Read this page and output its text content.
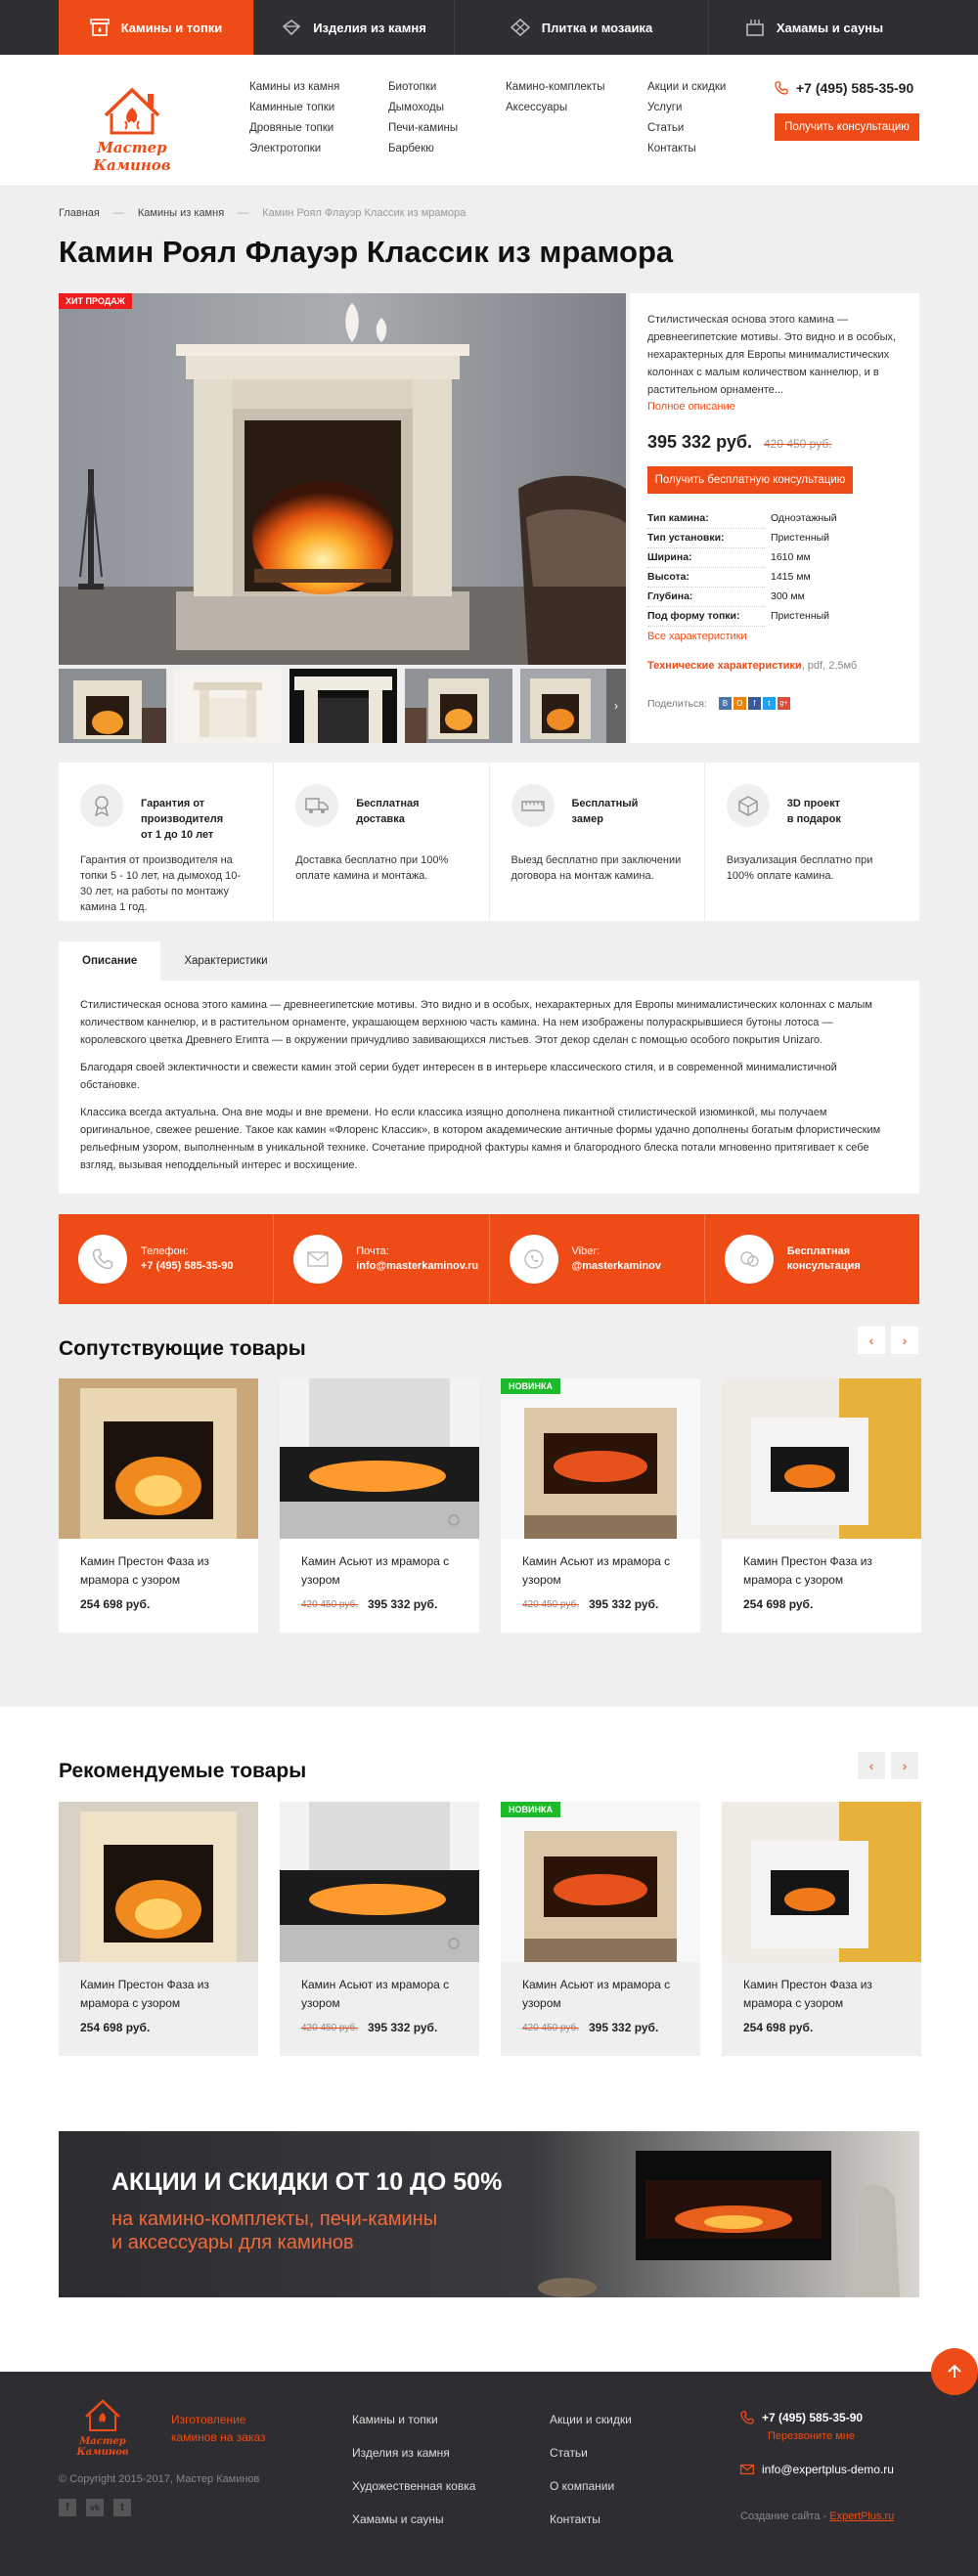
Камины и топки	Изделия из камня	Плитка и мозаика	Хамамы и сауны
Мастер Каминов
Камины из камня
Каминные топки
Дровяные топки
Электротопки
Биотопки
Дымоходы
Печи-камины
Барбекю
Камино-комплекты
Аксессуары
Акции и скидки
Услуги
Статьи
Контакты
+7 (495) 585-35-90
Получить консультацию
Главная — Камины из камня — Камин Роял Флауэр Классик из мрамора
Камин Роял Флауэр Классик из мрамора
ХИТ ПРОДАЖ
›
Стилистическая основа этого камина — древнеегипетские мотивы. Это видно и в особых, нехарактерных для Европы минималистических колоннах с малым количеством каннелюр, и в растительном орнаменте...
Полное описание
395 332 руб. 420 450 руб.
Получить бесплатную консультацию
Тип камина:	Одноэтажный
Тип установки:	Пристенный
Ширина:	1610 мм
Высота:	1415 мм
Глубина:	300 мм
Под форму топки:	Пристенный
Все характеристики
Технические характеристики, pdf, 2,5мб
Поделиться:	В	О	f	t	g+
Гарантия от производителя
от 1 до 10 лет
Гарантия от производителя на топки 5 - 10 лет, на дымоход 10-30 лет, на работы по монтажу камина 1 год.
Бесплатная
доставка
Доставка бесплатно при 100% оплате камина и монтажа.
Бесплатный
замер
Выезд бесплатно при заключении договора на монтаж камина.
3D проект
в подарок
Визуализация бесплатно при 100% оплате камина.
Описание	Характеристики

Стилистическая основа этого камина — древнеегипетские мотивы. Это видно и в особых, нехарактерных для Европы минималистических колоннах с малым количеством каннелюр, и в растительном орнаменте, украшающем верхнюю часть камина. На нем изображены полураскрывшиеся бутоны лотоса — королевского цветка Древнего Египта — в окружении причудливо завивающихся листьев. Этот декор сделан с помощью особого покрытия Unizaro.

Благодаря своей эклектичности и свежести камин этой серии будет интересен в в интерьере классического стиля, и в современной минималистичной обстановке.

Классика всегда актуальна. Она вне моды и вне времени. Но если классика изящно дополнена пикантной стилистической изюминкой, мы получаем оригинальное, свежее решение. Такое как камин «Флоренс Классик», в котором академические античные формы удачно дополнены богатым флористическим рельефным узором, выполненным в уникальной технике. Сочетание природной фактуры камня и благородного блеска потали мгновенно притягивает к себе взгляд, вызывая неподдельный интерес и восхищение.

Телефон:
+7 (495) 585-35-90
Почта:
info@masterkaminov.ru
Viber:
@masterkaminov
Бесплатная
консультация
Сопутствующие товары	‹	›
Камин Престон Фаза из мрамора с узором
254 698 руб.
Камин Асьют из мрамора с узором
420 450 руб. 395 332 руб.
НОВИНКА
Камин Асьют из мрамора с узором
420 450 руб. 395 332 руб.
Камин Престон Фаза из мрамора с узором
254 698 руб.
Рекомендуемые товары	‹	›
Камин Престон Фаза из мрамора с узором
254 698 руб.
Камин Асьют из мрамора с узором
420 450 руб. 395 332 руб.
НОВИНКА
Камин Асьют из мрамора с узором
420 450 руб. 395 332 руб.
Камин Престон Фаза из мрамора с узором
254 698 руб.
АКЦИИ И СКИДКИ ОТ 10 ДО 50%
на камино-комплекты, печи-камины
и аксессуары для каминов
Мастер Каминов
Изготовление каминов на заказ
© Copyright 2015-2017, Мастер Каминов
f	vk	t
Камины и топки
Изделия из камня
Художественная ковка
Хамамы и сауны
Акции и скидки
Статьи
О компании
Контакты
+7 (495) 585-35-90
Перезвоните мне
info@expertplus-demo.ru
Создание сайта - ExpertPlus.ru
